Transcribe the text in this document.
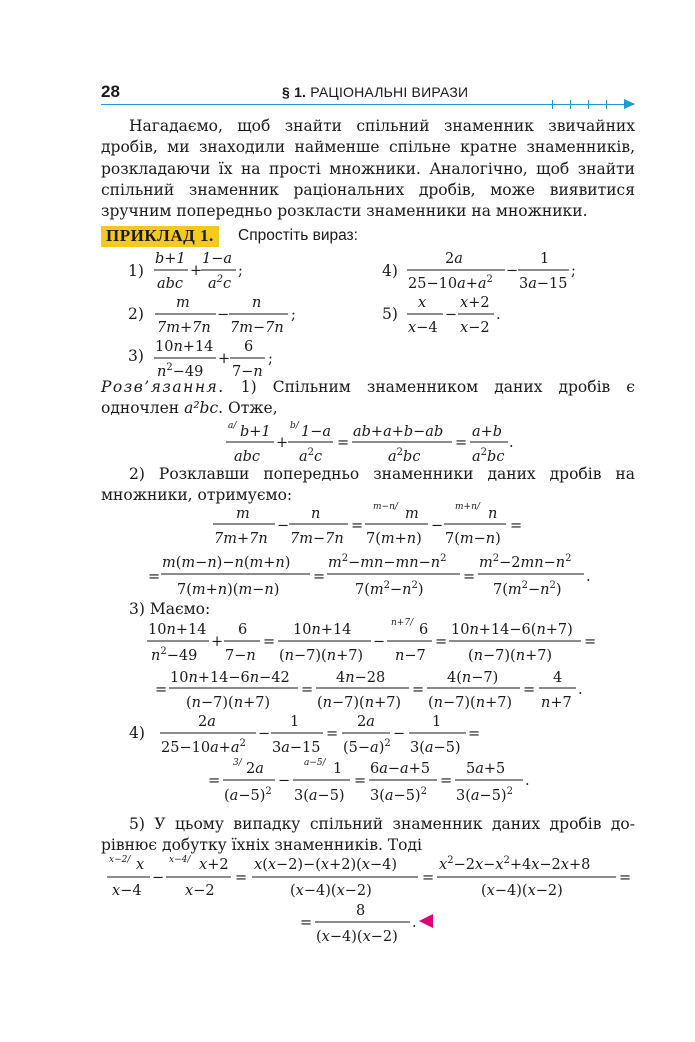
28	§ 1. РАЦІОНАЛЬНІ ВИРАЗИ
Нагадаємо, щоб знайти спільний знаменник звичайних дробів, ми знаходили найменше спільне кратне знаменників, розкладаючи їх на прості множники. Аналогічно, щоб знайти спільний знаменник раціональних дробів, може виявитися зручним попередньо розкласти знаменники на множники.
ПРИКЛАД 1.	Спростіть вираз:
1)
2)
3)
4)
5)
b+1
abc
+
1−a
$a^2c$
;
m
7m+7n
−
n
7m−7n
;
10n+14
$n^2-49$
+
6
7−n
;
2a
$25-10a+a^2$
−
1
3a−15
;
x
x−4
−
x+2
x−2
.
a/ b+1
abc
+
b/ 1−a
$a^2c$
=
ab+a+b−ab
$a^2bc$
=
a+b
$a^2bc$
.
m
7m+7n
−
n
7m−7n
=
m−n/ m
7(m+n)
−
m+n/ n
7(m−n)
=
=
m(m−n)−n(m+n)
7(m+n)(m−n)
=
$m^2-mn-mn-n^2$
$7(m^2-n^2)$
=
$m^2-2mn-n^2$
$7(m^2-n^2)$
.
10n+14
$n^2-49$
+
6
7−n
=
10n+14
(n−7)(n+7)
−
n+7/ 6
n−7
=
10n+14−6(n+7)
(n−7)(n+7)
=
=
10n+14−6n−42
(n−7)(n+7)
=
4n−28
(n−7)(n+7)
=
4(n−7)
(n−7)(n+7)
=
4
n+7
.
2a
$25-10a+a^2$
−
1
3a−15
=
2a
$(5-a)^2$
−
1
3(a−5)
=
=
3/ 2a
$(a-5)^2$
−
a−5/ 1
3(a−5)
=
6a−a+5
$3(a-5)^2$
=
5a+5
$3(a-5)^2$
.
x−2/ x
x−4
−
x−4/ x+2
x−2
=
x(x−2)−(x+2)(x−4)
(x−4)(x−2)
=
$x^2-2x-x^2+4x-2x+8$
(x−4)(x−2)
=
=
8
(x−4)(x−2)
.
Розв’язання. 1) Спільним знаменником даних дробів є
одночлен a²bc. Отже,
2) Розклавши попередньо знаменники даних дробів на
множники, отримуємо:
3) Маємо:
4)
5) У цьому випадку спільний знаменник даних дробів до-
рівнює добутку їхніх знаменників. Тоді
